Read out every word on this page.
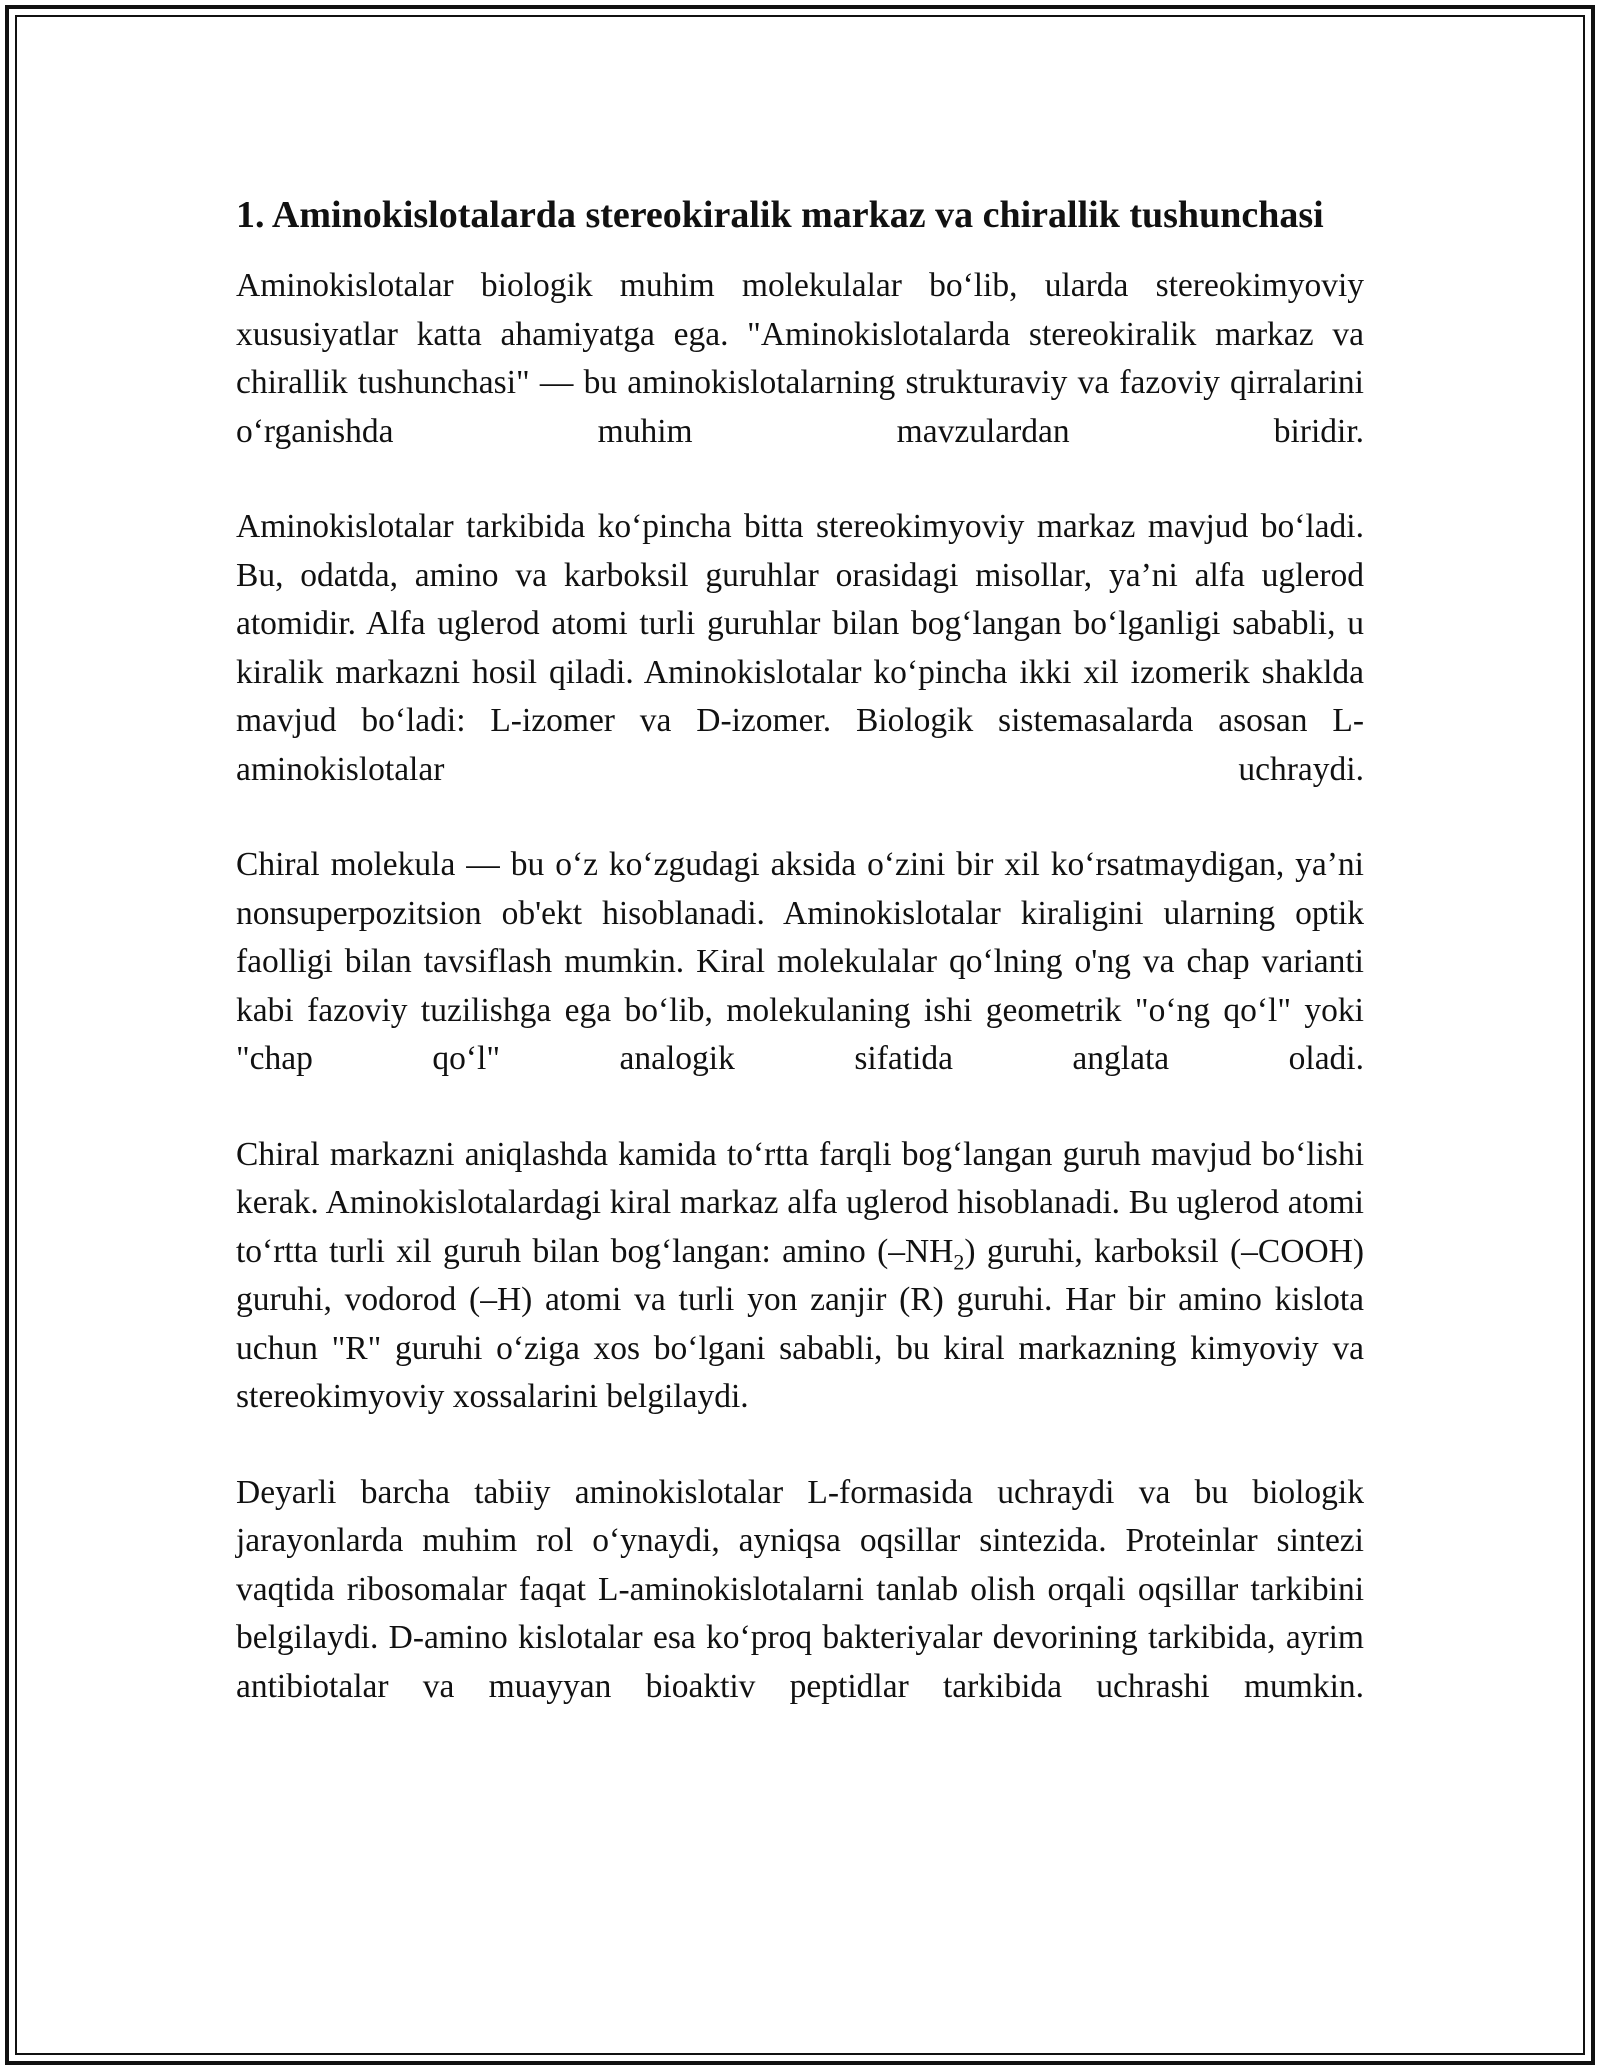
1. Aminokislotalarda stereokiralik markaz va chirallik tushunchasi

Aminokislotalar biologik muhim molekulalar bo‘lib, ularda stereokimyoviy xususiyatlar katta ahamiyatga ega. "Aminokislotalarda stereokiralik markaz va chirallik tushunchasi" — bu aminokislotalarning strukturaviy va fazoviy qirralarini o‘rganishda muhim mavzulardan biridir.

Aminokislotalar tarkibida ko‘pincha bitta stereokimyoviy markaz mavjud bo‘ladi. Bu, odatda, amino va karboksil guruhlar orasidagi misollar, ya’ni alfa uglerod atomidir. Alfa uglerod atomi turli guruhlar bilan bog‘langan bo‘lganligi sababli, u kiralik markazni hosil qiladi. Aminokislotalar ko‘pincha ikki xil izomerik shaklda mavjud bo‘ladi: L-izomer va D-izomer. Biologik sistemasalarda asosan L-aminokislotalar uchraydi.

Chiral molekula — bu o‘z ko‘zgudagi aksida o‘zini bir xil ko‘rsatmaydigan, ya’ni nonsuperpozitsion ob'ekt hisoblanadi. Aminokislotalar kiraligini ularning optik faolligi bilan tavsiflash mumkin. Kiral molekulalar qo‘lning o'ng va chap varianti kabi fazoviy tuzilishga ega bo‘lib, molekulaning ishi geometrik "o‘ng qo‘l" yoki "chap qo‘l" analogik sifatida anglata oladi.

Chiral markazni aniqlashda kamida to‘rtta farqli bog‘langan guruh mavjud bo‘lishi kerak. Aminokislotalardagi kiral markaz alfa uglerod hisoblanadi. Bu uglerod atomi to‘rtta turli xil guruh bilan bog‘langan: amino $(-NH_2)$ guruhi, karboksil (–COOH) guruhi, vodorod (–H) atomi va turli yon zanjir (R) guruhi. Har bir amino kislota uchun "R" guruhi o‘ziga xos bo‘lgani sababli, bu kiral markazning kimyoviy va stereokimyoviy xossalarini belgilaydi.

Deyarli barcha tabiiy aminokislotalar L-formasida uchraydi va bu biologik jarayonlarda muhim rol o‘ynaydi, ayniqsa oqsillar sintezida. Proteinlar sintezi vaqtida ribosomalar faqat L-aminokislotalarni tanlab olish orqali oqsillar tarkibini belgilaydi. D-amino kislotalar esa ko‘proq bakteriyalar devorining tarkibida, ayrim antibiotalar va muayyan bioaktiv peptidlar tarkibida uchrashi mumkin.
